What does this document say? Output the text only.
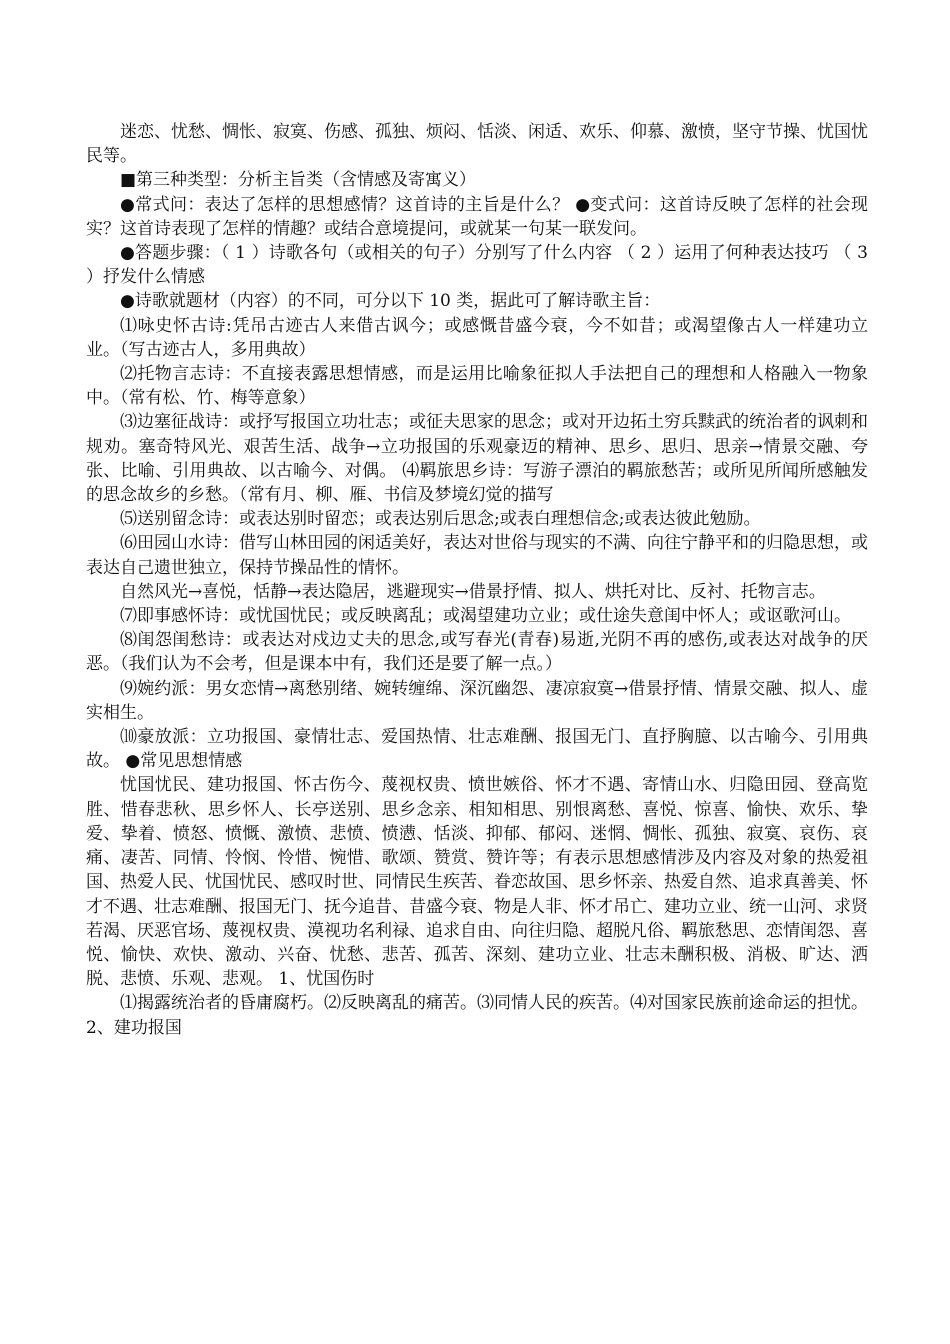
迷恋、忧愁、惆怅、寂寞、伤感、孤独、烦闷、恬淡、闲适、欢乐、仰慕、激愤，坚守节操、忧国忧民等。

■第三种类型：分析主旨类（含情感及寄寓义）

●常式问：表达了怎样的思想感情？这首诗的主旨是什么？ ●变式问：这首诗反映了怎样的社会现实？这首诗表现了怎样的情趣？或结合意境提问，或就某一句某一联发问。

●答题步骤：（ 1 ）诗歌各句（或相关的句子）分别写了什么内容 （ 2 ）运用了何种表达技巧 （ 3 ）抒发什么情感

●诗歌就题材（内容）的不同，可分以下 10 类，据此可了解诗歌主旨：

⑴咏史怀古诗:凭吊古迹古人来借古讽今；或感慨昔盛今衰，今不如昔；或渴望像古人一样建功立业。（写古迹古人，多用典故）

⑵托物言志诗：不直接表露思想情感，而是运用比喻象征拟人手法把自己的理想和人格融入一物象中。（常有松、竹、梅等意象）

⑶边塞征战诗：或抒写报国立功壮志；或征夫思家的思念；或对开边拓土穷兵黩武的统治者的讽刺和规劝。塞奇特风光、艰苦生活、战争→立功报国的乐观豪迈的精神、思乡、思归、思亲→情景交融、夸张、比喻、引用典故、以古喻今、对偶。 ⑷羁旅思乡诗：写游子漂泊的羁旅愁苦；或所见所闻所感触发的思念故乡的乡愁。（常有月、柳、雁、书信及梦境幻觉的描写

⑸送别留念诗：或表达别时留恋；或表达别后思念;或表白理想信念;或表达彼此勉励。

⑹田园山水诗：借写山林田园的闲适美好，表达对世俗与现实的不满、向往宁静平和的归隐思想，或表达自己遗世独立，保持节操品性的情怀。

自然风光→喜悦，恬静→表达隐居，逃避现实→借景抒情、拟人、烘托对比、反衬、托物言志。

⑺即事感怀诗：或忧国忧民；或反映离乱；或渴望建功立业；或仕途失意闺中怀人；或讴歌河山。

⑻闺怨闺愁诗：或表达对戍边丈夫的思念,或写春光(青春)易逝,光阴不再的感伤,或表达对战争的厌恶。（我们认为不会考，但是课本中有，我们还是要了解一点。）

⑼婉约派：男女恋情→离愁别绪、婉转缠绵、深沉幽怨、凄凉寂寞→借景抒情、情景交融、拟人、虚实相生。

⑽豪放派：立功报国、豪情壮志、爱国热情、壮志难酬、报国无门、直抒胸臆、以古喻今、引用典故。 ●常见思想情感

忧国忧民、建功报国、怀古伤今、蔑视权贵、愤世嫉俗、怀才不遇、寄情山水、归隐田园、登高览胜、惜春悲秋、思乡怀人、长亭送别、思乡念亲、相知相思、别恨离愁、喜悦、惊喜、愉快、欢乐、挚爱、挚着、愤怒、愤慨、激愤、悲愤、愤懑、恬淡、抑郁、郁闷、迷惘、惆怅、孤独、寂寞、哀伤、哀痛、凄苦、同情、怜悯、怜惜、惋惜、歌颂、赞赏、赞许等；有表示思想感情涉及内容及对象的热爱祖国、热爱人民、忧国忧民、感叹时世、同情民生疾苦、眷恋故国、思乡怀亲、热爱自然、追求真善美、怀才不遇、壮志难酬、报国无门、抚今追昔、昔盛今衰、物是人非、怀才吊亡、建功立业、统一山河、求贤若渴、厌恶官场、蔑视权贵、漠视功名利禄、追求自由、向往归隐、超脱凡俗、羁旅愁思、恋情闺怨、喜悦、愉快、欢快、激动、兴奋、忧愁、悲苦、孤苦、深刻、建功立业、壮志未酬积极、消极、旷达、洒脱、悲愤、乐观、悲观。 1、忧国伤时

⑴揭露统治者的昏庸腐朽。⑵反映离乱的痛苦。⑶同情人民的疾苦。⑷对国家民族前途命运的担忧。 2、建功报国
